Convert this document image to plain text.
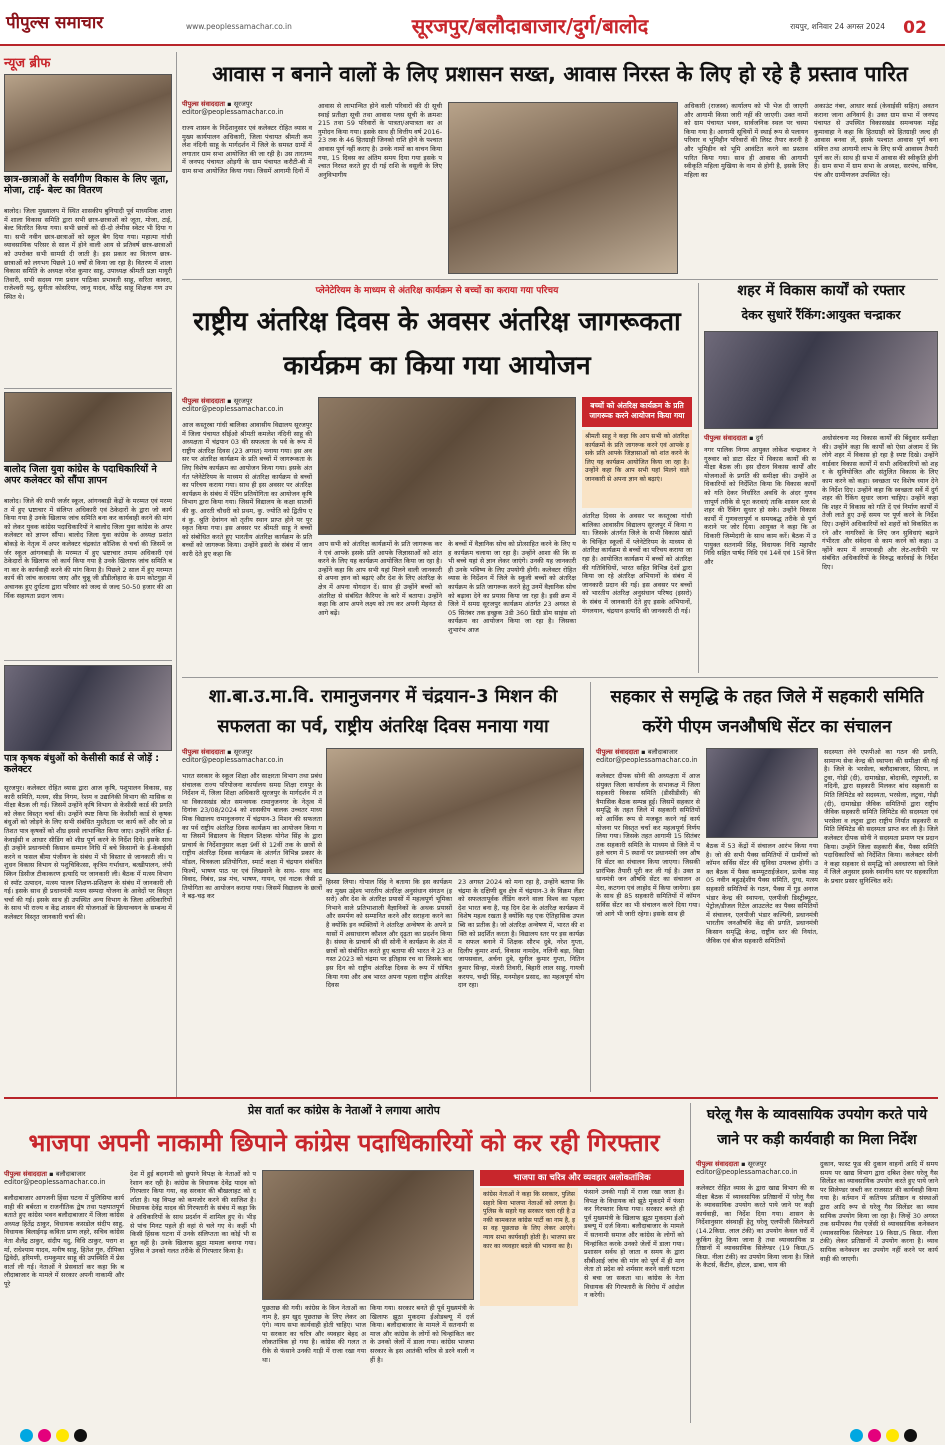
पीपुल्स समाचार	www.peoplessamachar.co.in	सूरजपुर/बलौदाबाजार/दुर्ग/बालोद	रायपुर, शनिवार 24 अगस्त 2024	02
न्यूज ब्रीफ
छात्र-छात्राओं के सर्वांगीण विकास के लिए जूता, मोजा, टाई- बेल्ट का वितरण
बालोद। जिला मुख्यालय में स्थित शासकीय बुनियादी पूर्व माध्यमिक शाला में शाला विकास समिति द्वारा सभी छात्र-छात्राओं को जूता, मोजा, टाई, बेल्ट वितरित किया गया। सभी छात्रों को दी-दो लेमीस स्वेटर भी दिया गया। सभी नवीन छात्र-छात्राओं को स्कूल बैग दिया गया। महात्मा गांधी व्यावसायिक परिसर से साल में होने वाली आय से प्रतिवर्ष छात्र-छात्राओं को उपरोक्त सभी सामग्री दी जाती है। इस प्रकार का वितरण छात्र-छात्राओं को लगभग पिछले 10 वर्षों से किया जा रहा है। वितरण में शाला विकास समिति के अध्यक्ष नरेश कुमार साहू, उपाध्यक्ष श्रीमती प्रज्ञा मायुरी तिवारी, सभी सदस्य गण प्रधान पाठिका प्रभावती साहू, सरिता कावरा, राजेश्वरी यदु, सुनीता कोसरिया, जानू यादव, थौरेंद्र साहू शिक्षक गण उपस्थित थे।
बालोद जिला युवा कांग्रेस के पदाधिकारियों ने अपर कलेक्टर को सौंपा ज्ञापन
बालोद। जिले की सभी जर्जर स्कूल, आंगनबाड़ी केंद्रों के मरम्मत एवं मरम्मत में हुए भ्रष्टाचार में संलिप्त अधिकारी एवं ठेकेदारों के द्वारा जो कार्य किया गया है उनके खिलाफ जांच समिति बना कर कार्यवाही करने की मांग को लेकर युवक कांग्रेस पदाधिकारियों ने बालोद जिला युवा कांग्रेस के अपर कलेक्टर को ज्ञापन सौंपा। बालोद जिला युवा कांग्रेस के अध्यक्ष प्रशांत बोकड़े के नेतृत्व में अपर कलेक्टर चंद्रकांत कौशिक से चर्चा की जिसमें जर्जर स्कूल आंगनबाड़ी के मरम्मत में हुए भ्रष्टाचार तमाम अधिकारी एवं ठेकेदारों के खिलाफ जो कार्य किया गया है उनके खिलाफ जांच समिति बना कर के कार्यवाही करने की मांग किया है। पिछले 2 साल में हुए मरम्मत कार्य की जांच करवाया जाए और चुन्नू जी डौंडीलोहारा के ग्राम कोटगुड़ा में अचानक हुए दुर्घटना द्वारा परिवार को जल्द से जल्द 50-50 हजार की आर्थिक सहायता प्रदान जाय।
पात्र कृषक बंधुओं को केसीसी कार्ड से जोड़ें : कलेक्टर
सूरजपुर। कलेक्टर रोहित व्यास द्वारा आज कृषि, पशुपालन विकास, सहकारी समिति, मत्स्य, सीड निगम, रेशम व उद्यानिकी विभाग की मासिक समीक्षा बैठक ली गई। जिसमें उन्होंने कृषि विभाग से केसीसी कार्ड की प्रगति को लेकर विस्तृत चर्चा की। उन्होंने स्पष्ट किया कि केसीसी कार्ड से कृषक बंधुओं को जोड़ने के लिए सभी संबंधित मुस्तैदता पर कार्य करें और जो प्रतिशत पात्र कृषकों को शीघ्र इससे लाभान्वित किया जाए। उन्होंने लंबित ई-केवाईसी व आधार सीडिंग को शीघ्र पूर्ण करने के निर्देश दिये। इसके साथ ही उन्होंने प्रधानमंत्री किसान सम्मान निधि में बचे किसानों के ई-केवाईसी करने व फसल बीमा पंजीयन के संबंध में भी विस्तार से जानकारी ली। पशुधन विकास विभाग से पशुचिकित्सा, कृत्रिम गर्भाधान, बत्खीपालन, लंपी स्किन डिसीज टीकाकरण इत्यादि पर जानकारी ली। बैठक में मत्स्य विभाग से स्पॉट उत्पादन, मत्स्य पालन शिक्षण-प्रशिक्षण के संबंध में जानकारी ली गई। इसके साथ ही प्रधानमंत्री मत्स्य सम्पदा योजना के आवेदों पर विस्तृत चर्चा की गई। इसके साथ ही उपस्थित अन्य विभाग के जिला अधिकारियों के साथ भी राज्य व केंद्र शासन की योजनाओं के क्रियान्वयन के सम्बन्ध में कलेक्टर विस्तृत जानकारी चर्चा की।
आवास न बनाने वालों के लिए प्रशासन सख्त, आवास निरस्त के लिए हो रहे है प्रस्ताव पारित
पीपुल्स संवाददाता ▪ सूरजपुर
editor@peoplessamachar.co.in
राज्य शासन के निर्देशानुसार एवं कलेक्टर रोहित व्यास व मुख्य कार्यपालन अधिकारी, जिला पंचायत श्रीमती कमलेश नंदिनी साहू के मार्गदर्शन में जिले के समस्त ग्रामों में लगातार ग्राम सभा आयोजित की जा रही है। उस तारतम्य में जनपद पंचायत ओड़गी के ग्राम पंचायत करौटी-बी में ग्राम सभा आयोजित किया गया। जिसमें आगामी दिनों में
आवास से लाभान्वित होने वाली परिवारों की दी सूची स्थाई प्रतीक्षा सूची तथा आवास प्लस सूची के क्रमशः 215 तथा 59 परिवारों के पात्रता/अपात्रता का अनुमोदन किया गया। इसके साथ ही वित्तीय वर्ष 2016-23 तक के 46 हितग्राही जिनको राशि होने के पश्चात आवास पूर्ण नहीं कराए है। उनके नामों का वाचन किया गया, 15 दिवस का अंतिम समय दिया गया इसके पश्चात निरस्त करते हुए दी गई राशि के वसूली के लिए अनुविभागीय
अधिकारी (राजस्व) कार्यालय को भी भेज दी जाएगी और आगामी किसा जारी नहीं की जाएगी। उक्त नामों को ग्राम पंचायत भवन, सार्वजनिक स्थल पर चस्पा किया गया है। आगामी सूचियों में स्थाई रूप से पलायन परिवार व भूमिहीन परिवारों की लिस्ट तैयार करनी है और भूमिहीन को भूमि आवंटित करने का प्रस्ताव पारित किया गया। साथ ही आवास की आगामी स्वीकृति महिला मुखिया के नाम से होगी है, इसके लिए महिला का
अकाउंट नंबर, आधार कार्ड (केवाईसी सहित) अवतन कराना जाना अनिवार्य है। उक्त ग्राम सभा में जनपद पंचायत से उपस्थित विकासखंड समन्वयक महेंद्र कुमावाहा ने कहा कि हितग्राही को हितग्राही जल्द ही आवास बनवा लें, इसके पश्चात आवास पूर्ण बना संवित्त तथा आगामी लाभ के लिए सभी आवास्य तैयारी पूर्ण कर लें। साथ ही सभा में आवास की स्वीकृति होनी है। ग्राम सभा में ग्राम सभा के अध्यक्ष, सरपंच, सचिव, पंच और ग्रामीणजन उपस्थित रहे।
प्लेनेटेरियम के माध्यम से अंतरिक्ष कार्यक्रम से बच्चों का कराया गया परिचय
राष्ट्रीय अंतरिक्ष दिवस के अवसर अंतरिक्ष जागरूकता कार्यक्रम का किया गया आयोजन
पीपुल्स संवाददाता ▪ सूरजपुर
editor@peoplessamachar.co.in
आज कस्तूरबा गांधी बालिका आवासीय विद्यालय सूरजपुर में जिला पंचायत सीईओ श्रीमती कमलेश नंदिनी साहू की अध्यक्षता में चंद्रयान 03 की सफलता के पर्व के रूप में राष्ट्रीय अंतरिक्ष दिवस (23 अगस्त) मनाया गया। इस अवसर पर अंतरिक्ष कार्यक्रम के प्रति बच्चों में जागरूकता के लिए विशेष कार्यक्रम का आयोजन किया गया। इसके अंतर्गत प्लेनेटेरियम के माध्यम से अंतरिक्ष कार्यक्रम से बच्चों का परिचय कराया गया। साथ ही इस अवसर पर अंतरिक्ष कार्यक्रम के संबंध में पेंटिंग प्रतियोगिता का आयोजन कृषि विभाग द्वारा किया गया। जिसमें विद्यालय के कक्षा सातवीं की कु. आरती चौधरी को प्रथम, कु. ज्योति को द्वितीय एवं कु. श्रुति देवांगन को तृतीय स्थान प्राप्त होने पर पुरस्कृत किया गया। इस अवसर पर श्रीमती साहू ने बच्चों को संबोधित करते हुए भारतीय अंतरिक्ष कार्यक्रम के प्रति बच्चों को जागरूक किया। उन्होंने इसरो के संबंध में जानकारी देते हुए कहा कि
आप सभी को अंतरिक्ष कार्यक्रमों के प्रति जागरूक करने एवं आपके इसके प्रति आपके जिज्ञासाओं को शांत करने के लिए यह कार्यक्रम आयोजित किया जा रहा है। उन्होंने कहा कि आप सभी यहां मिलने वाली जानकारी से अपना ज्ञान को बढ़ाएं और देश के लिए अंतरिक्ष के क्षेत्र में अपना योगदान दें। साथ ही उन्होंने बच्चों को अंतरिक्ष से संबंधित कैरियर के बारे में बताया। उन्होंने कहा कि आप अपने लक्ष्य को तय कर अपनी मेहनत से आगे बढ़ें।
के बच्चों में वैज्ञानिक सोच को प्रोत्साहित करने के लिए यह कार्यक्रम चलाया जा रहा है। उन्होंने आशा की कि सभी बच्चे यहां से ज्ञान लेकर जाएंगे। उनकी यह जानकारी ही उनके भविष्य के लिए उपयोगी होगी। कलेक्टर रोहित व्यास के निर्देशन में जिले के स्कूली बच्चों को अंतरिक्ष कार्यक्रम के प्रति जागरूक करने हेतु उनमें वैज्ञानिक सोच को बढ़ावा देने का प्रयास किया जा रहा है। इसी क्रम में जिले में समग्र सूरजपुर कार्यक्रम अंतर्गत 23 अगस्त से 05 सितंबर तक इच्छुक 3डी 360 डिग्री डोम साइंस शो कार्यक्रम का आयोजन किया जा रहा है। जिसका शुभारंभ आज
बच्चों को अंतरिक्ष कार्यक्रम के प्रति जागरूक करने आयोजन किया गया
श्रीमती साहू ने कहा कि आप सभी को अंतरिक्ष कार्यक्रमों के प्रति जागरूक करने एवं आपके इसके प्रति आपके जिज्ञासाओं को शांत करने के लिए यह कार्यक्रम आयोजित किया जा रहा है। उन्होंने कहा कि आप सभी यहां मिलने वाले जानकारी से अपना ज्ञान को बढ़ाएं।
अंतरिक्ष दिवस के अवसर पर कस्तूरबा गांधी बालिका आवासीय विद्यालय सूरजपुर में किया गया। जिसके अंतर्गत जिले के सभी विकास खंडों के चिन्हित स्कूलों में प्लेनेटेरियम के माध्यम से अंतरिक्ष कार्यक्रम से बच्चों का परिचय कराया जा रहा है। आयोजित कार्यक्रम में बच्चों को अंतरिक्ष की गतिविधियों, भारत सहित विभिन्न देशों द्वारा किया जा रहे अंतरिक्ष अभियानों के संबंध में जानकारी प्रदान की गई। इस अवसर पर बच्चों को भारतीय अंतरिक्ष अनुसंधान परिषद (इसरो) के संबंध में जानकारी देते हुए इसके अभियानों, मंगलयान, चंद्रयान इत्यादि की जानकारी दी गई।
शहर में विकास कार्यों को रफ्तार
देकर सुधारें रैंकिंग:आयुक्त चन्द्राकर
पीपुल्स संवाददाता ▪ दुर्ग
नगर पालिक निगम आयुक्त लोकेश चन्द्राकर ने गुरुवार को डाटा सेंटर में विकास कार्यों की समीक्षा बैठक ली। इस दौरान विकास कार्यों और योजनाओं के प्रगति की समीक्षा की। उन्होंने अधिकारियों को निर्देशित किया कि विकास कार्यों को गति देकर निर्धारित अवधि के अंदर गुणवत्तापूर्ण तरीके से पूरा करवाएं ताकि शासन स्तर से शहर की रैंकिंग सुधार हो सके। उन्होंने विकास कार्यों में गुणवत्तापूर्ण व समयबद्ध तरीके से पूर्ण कराने पर जोर दिया। आयुक्त ने कहा कि अधिकारी जिम्मेदारी के साथ काम करें। बैठक में उपायुक्त सतनामी सिंह, विधायक निधि महापौर निधि सहित पार्षद निधि एवं 14वें एवं 15वें वित्त और
अधोसंरचना मद विकास कार्यों की बिंदुवार समीक्षा की। उन्होंने कहा कि कार्यों को ऐसा अंजाम दें कि लोगे शहर में विकास हो रहा है स्पष्ट दिखे। उन्होंने वार्डवार विकास कार्यों में सभी अधिकारियों को शहर के सुनियोजित और संतुलित विकास के लिए काम करने को कहा। स्वच्छता पर विशेष ध्यान देने के निर्देश दिए। उन्होंने कहा कि स्वच्छता सर्वे में दुर्ग शहर की रैंकिंग सुधार जाना चाहिए। उन्होंने कहा कि शहर में विकास को गति दें एवं निर्माण कार्यों में तेजी लाते हुए उन्हें समय पर पूर्ण करने के निर्देश दिए। उन्होंने अधिकारियों को शहरों को विकसित करने और नागरिकों के लिए जन सुविधाएं बढ़ाने गंभीरता और संवेदना से काम करने को कहा। उन्होंने काम में लापरवाही और लेट-लतीफी पर संबंधित अधिकारियों के विरुद्ध कार्रवाई के निर्देश दिए।
शा.बा.उ.मा.वि. रामानुजनगर में चंद्रयान-3 मिशन की सफलता का पर्व, राष्ट्रीय अंतरिक्ष दिवस मनाया गया
पीपुल्स संवाददाता ▪ सूरजपुर
editor@peoplessamachar.co.in
भारत सरकार के स्कूल शिक्षा और साक्षरता विभाग तथा प्रबंध संचालक राज्य परियोजना कार्यालय समग्र शिक्षा रायपुर के निर्देशन में, जिला शिक्षा अधिकारी सूरजपुर के मार्गदर्शन में तथा विकासखंड स्रोत समन्वयक रामानुजनगर के नेतृत्व में दिनांक 23/08/2024 को शासकीय बालक उच्चतर माध्यमिक विद्यालय रामानुजनगर में चंद्रयान-3 मिशन की सफलता का पर्व राष्ट्रीय अंतरिक्ष दिवस कार्यक्रम का आयोजन किया गया जिसमें विद्यालय के विज्ञान शिक्षक योगेश सिंह के द्वारा प्राचार्य के निर्देशानुसार कक्षा 9वीं से 12वीं तक के छात्रों से राष्ट्रीय अंतरिक्ष दिवस कार्यक्रम के अंतर्गत विभिन्न प्रकार के मॉडल, चित्रकला प्रतियोगिता, स्मार्ट कक्षा में चंद्रयान संबंधित फिल्में, भाषण पाठ पर एवं लिखवाने के साथ- साथ वाद विवाद, निबंध, प्रश्न मंच, भाषण, गायन, एवं नाटक जैसी प्रतियोगिता का आयोजन कराया गया। जिसमें विद्यालय के छात्रों ने बढ़-चढ़ कर
हिस्सा लिया। गोपाल सिंह ने बताया कि इस कार्यक्रम का मुख्य उद्देश्य भारतीय अंतरिक्ष अनुसंधान संगठन (इसरो) और देश के अंतरिक्ष प्रयासों में महत्वपूर्ण भूमिका निभाने वाले प्रतिभाशाली वैज्ञानिकों के अथक प्रयासों और समर्पण को सम्मानित करने और सराहना करने का है क्योंकि इन व्यक्तियों ने अंतरिक्ष अन्वेषण के अपने प्रयासों में असाधारण कौशल और दृढ़ता का प्रदर्शन किया है। संस्था के प्राचार्य श्री सी सोनी ने कार्यक्रम के अंत में छात्रों को संबोधित करते हुए बताया की भारत ने 23 अगस्त 2023 को चंद्रमा पर इतिहास रच था जिसके बाद इस दिन को राष्ट्रीय अंतरिक्ष दिवस के रूप में घोषित किया गया और अब भारत अपना पहला राष्ट्रीय अंतरिक्ष दिवस
23 अगस्त 2024 को मना रहा है, उन्होंने बताया कि चंद्रमा के दक्षिणी ध्रुव क्षेत्र में चंद्रयान-3 के विक्रम लैंडर को सफलतापूर्वक लैंडिंग करने वाला विश्व का पहला देश भारत बना है, यह दिन देश के अंतरिक्ष कार्यक्रम में विशेष महत्व रखता है क्योंकि यह एक ऐतिहासिक उपलब्धि का प्रतीक है। जो अंतरिक्ष अन्वेषण में, भारत की शक्ति को प्रदर्शित करता है। विद्यालय स्तर पर इस कार्यक्रम सफल बनाने में शिक्षक सौरभ दुबे, नरेश गुप्ता, दिलीप कुमार शर्मा, विकास नामदेव, नलिनी बड़ा, विद्या जायसवाल, अर्चना दुबे, सुनील कुमार गुप्ता, नितिन कुमार सिन्हा, मंजरी तिवारी, बिहारी लाल साहू, गायत्री करयप, चन्द्री सिंह, मनमोहन प्रसाद, का महत्वपूर्ण योगदान रहा।
सहकार से समृद्धि के तहत जिले में सहकारी समिति करेंगे पीएम जनऔषधि सेंटर का संचालन
पीपुल्स संवाददाता ▪ बलौदाबाजार
editor@peoplessamachar.co.in
कलेक्टर दीपक सोनी की अध्यक्षता में आज संयुक्त जिला कार्यालय के सभाकक्ष में जिला सहकारी विकास समिति (डीसीडीसी) की त्रैमासिक बैठक सम्पन्न हुई। जिसमें सहकार से समृद्धि के तहत जिले में सहकारी समितियों को आर्थिक रूप से मजबूत करने नई कार्ययोजना पर विस्तृत चर्चा कर महत्वपूर्ण निर्णय लिया गया। जिसके तहत आगामी 15 सितंबर तक सहकारी समिति के माध्यम से जिले में पहले चरण में 5 स्थानों पर प्रधानमंत्री जन औषधि सेंटर का संचालन किया जाएगा। जिसकी प्रारंभिक तैयारी पूरी कर ली गई है। उक्त प्रधानमंत्री जन औषधि सेंटर का संचालन अमेरा, कटगना एवं लाहोद में किया जायेगा। इसके साथ ही 85 सहकारी समितियों में कॉमन सर्विस सेंटर का भी संचालन करने दिया गया। जो आगे भी जारी रहेगा। इसके साथ ही
बैठक में 53 केंद्रों में संचालन आरंभ किया गया है। जो की सभी पैक्स समितियों में ग्रामीणों को कॉमन सर्विस सेंटर की सुविधा उपलब्ध होगी। उक्त बैठक में पैक्स कम्प्यूटराईजेशन, प्रत्येक माह 05 नवीन बहुउद्देशीय पैक्स समिति, दुग्ध, मत्स्य सहकारी समितियों के गठन, पैक्स में गुड़ अनाज भंडार केन्द्र की स्थापना, एलपीजी डिस्ट्रीब्यूटर, पेट्रोल/डीजल रिटेल आउटलेट का पैक्स समितियों में संचालन, एलपीजी भंडार कल्पिनी, प्रधानमंत्री भारतीय जनऔषधि केंद्र की प्रगति, प्रधानमंत्री किसान समृद्धि केन्द्र, राष्ट्रीय स्तर की नियांत, जैविक एवं बीज सहकारी समितियों
सदस्यता लेने एफपीओ का गठन की प्रगति, सामान्य सेवा केन्द्र की स्थापना की समीक्षा की गई है। जिले के भरसेला, बलौदाबाजार, सिरपा, लटुवा, गोढ़ी (दी), दामाखेड़ा, बोदाकी, रघुपाली, सनदिनी, द्वारा सहकारी मिलकर बांध सहकारी समिति लिमिटेड को सदस्यता, भरसेला, लटुवा, गोढ़ी (दी), दामाखेड़ा जैविक समितियों द्वारा राष्ट्रीय जैविक सहकारी समिति लिमिटेड की सदस्यता एवं भरसेला व लटुवा द्वारा राष्ट्रीय निर्यात सहकारी समिति लिमिटेड की सदस्यता प्राप्त कर ली है। जिले कलेक्टर दीपक सोनी ने सदस्यता प्रमाण पत्र प्रदान किया। उन्होंने जिला सहकारी बैंक, पैक्स समिति पदाधिकारियों को निर्देशित किया। कलेक्टर सोनी ने कहा सहकार से समृद्धि को अवधारणा को जिले में जिले अनुसार इसके स्थानीय स्तर पर सहकारिता के प्रचार प्रसार सुनिश्चित करें।
प्रेस वार्ता कर कांग्रेस के नेताओं ने लगाया आरोप
भाजपा अपनी नाकामी छिपाने कांग्रेस पदाधिकारियों को कर रही गिरफ्तार
पीपुल्स संवाददाता ▪ बलौदाबाजार
editor@peoplessamachar.co.in
बलौदाबाजार आगजनी हिंसा घटना में पुलिसिया कार्यवाही की बर्बरता व राजनीतिक द्वेष तथा पक्षपातपूर्ण बताते हुए कांग्रेस भवन बलौदाबाजार में जिला कांग्रेस अध्यक्ष हितेंद्र ठाकुर, विधायक कसडोल संदीप साहू, विधायक बिलाईगढ़ कविता प्राण लहरे, सचिव कांग्रेस नेता शैलेंद्र ठाकुर, संदीप यदु, विधि ठाकुर, पराग शर्मा, राधेश्याम यादव, मनीष साहू, हितेश गुरु, दीपिका द्विवेदी, हरिमणी, रामकुमार साहू की उपस्थिति में प्रेस वार्ता ली गई। नेताओं ने प्रेसवार्ता कर कहा कि बलौदाबाजार के मामले में सरकार अपनी नाकामी और पूरे
देश में हुई बदनामी को छुपाने विपक्ष के नेताओं को परेशान कर रही है। कांग्रेस के विधायक देवेंद्र यादव को गिरफ्तार किया गया, वह सरकार की बौखलाहट को दर्शाता है। यह विपक्ष को कमजोर करने की साजिश है। विधायक देवेंद्र यादव की गिरफ्तारी के संबंध में कहा कि वे अधिकारियों के साथ प्रदर्शन में शामिल हुए थे। भीड़ से पांच मिनट पहले ही वहां से चले गए थे। कहीं भी किसी हिंसक घटना में उनके संलिप्तता का कोई भी सबूत नहीं है। उनके खिलाफ झूठा मामला बनाया गया। पुलिस ने उनको गलत तरीके से गिरफ्तार किया है।
पूछताछ की गयी। कांग्रेस के किन नेताओं का नाम है, हम खुद पूछताछ के लिए लेकर आएंगे। न्याय सभा कार्यवाही होती चाहिए। भाजपा सरकार का चरित्र और व्यवहार बेहद अलोकतांत्रिक हो गया है। कांग्रेस की गलत तरीके से फंसाने उनकी गाड़ी में राजा रखा गया था।
किया गया। सरकार बनते ही पूर्व मुख्यमंत्री के खिलाफ झूठा मुकदमा ईओडब्ल्यू में दर्ज किया। बलौदाबाजार के मामले में सतनामी समाज और कांग्रेस के लोगों को चिन्हांकित करके उनको जेलों में डाला गया। कांग्रेस भाजपा सरकार के इस आतंकी चरित्र से डरने वाली नहीं है।
भाजपा का चरित्र और व्यवहार अलोकतांत्रिक
कांग्रेस नेताओं ने कहा कि सरकार, पुलिस सहारे बिना भाजपा नेताओं को लगता है। पुलिस के सहारे यह सरकार चला रही है उनकी कामकाज कांग्रेस पार्टी का नाम है, इस वह पूछताछ के लिए लेकर आएंगे। न्याय सभा कार्यवाही होती है। भाजपा सरकार का व्यवहार बदले की भावना का है।
फंसाने उनकी गाड़ी में राजा रखा जाता है। विपक्ष के विधायक को झूठे मुकदमे में फंसा कर गिरफ्तार किया गया। सरकार बनते ही पूर्व मुख्यमंत्री के खिलाफ झूठा मुकदमा ईओडब्ल्यू में दर्ज किया। बलौदाबाजार के मामले में सतनामी समाज और कांग्रेस के लोगों को चिन्हांकित करके उनको जेलों में डाला गया। प्रशासन सर्वथ हो जाता व समय के द्वारा सीबीआई जांच की मांग को पूर्ण में ही मान लेता तो प्रदेश को शर्मसार करने वाली घटना से बचा जा सकता था। कांग्रेस के नेता विधायक की गिरफ्तारी के विरोध में आंदोलन करेगी।
घरेलू गैस के व्यावसायिक उपयोग करते पाये जाने पर कड़ी कार्यवाही का मिला निर्देश
पीपुल्स संवाददाता ▪ सूरजपुर
editor@peoplessamachar.co.in
कलेक्टर रोहित व्यास के द्वारा खाद्य विभाग की समीक्षा बैठक में व्यावसायिक प्रतिष्ठानों में घरेलू गैस के व्यावसायिक उपयोग करते पाये जाने पर कड़ी कार्यवाही, का निर्देश दिया गया। शासन के निर्देशानुसार संस्थाहीं हेतु घरेलू एलपीजी सिलेण्डरों (14.2किग्रा. लाल टंकी) का उपयोग केवल घरों में कुकिंग हेतु किया जाना है तथा व्यावसायिक प्रतिष्ठानों में व्यावसायिक सिलेण्डर (19 किग्रा./5 किग्रा. नीला टंकी) का उपयोग किया जाना है। जिले के कैटर्स, कैंटीन, होटल, ढाबा, चाय की
दुकान, फास्ट फूड की दुकान वाहनों आदि में समय समय पर खाद्य विभाग द्वारा दबिश देकर घरेलू गैस सिलेंडर का व्यावसायिक उपयोग करते हुए पाये जाने पर सिलेण्डर जब्ती कर राजसात की कार्यवाही किया गया है। वर्तमान में कतिपय प्रतिष्ठान व संस्थाओं द्वारा आदि रूप से घरेलू गैस सिलेंडर का व्यावसायिक उपयोग किया जा रहा है। जिन्हें 30 अगस्त तक समीपस्थ गैस एजेंसी से व्यावसायिक कनेक्शन (व्यावसायिक सिलेण्डर 19 किग्रा./5 किग्रा. नीला टंकी) लेकर प्रतिष्ठानों में उपयोग करना है। व्यावसायिक कनेक्शन का उपयोग नहीं करने पर कार्यवाही की जाएगी।
